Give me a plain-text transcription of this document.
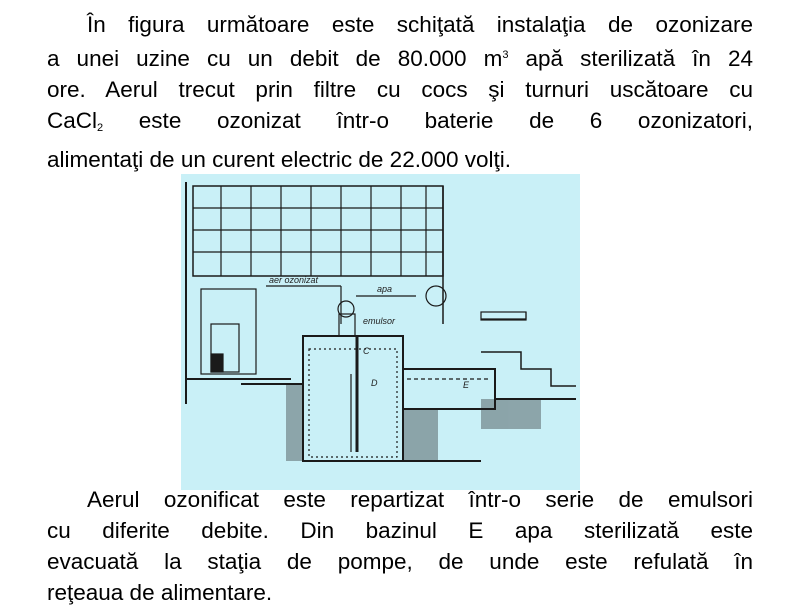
În figura următoare este schiţată instalaţia de ozonizare
a unei uzine cu un debit de 80.000 $m^3$ apă sterilizată în 24
ore. Aerul trecut prin filtre cu cocs şi turnuri uscătoare cu
CaCl$_2$ este ozonizat într-o baterie de 6 ozonizatori,
alimentaţi de un curent electric de 22.000 volţi.
aer ozonizat
apa
emulsor
C
D	E
Aerul ozonificat este repartizat într-o serie de emulsori
cu diferite debite. Din bazinul E apa sterilizată este
evacuată la staţia de pompe, de unde este refulată în
reţeaua de alimentare.
